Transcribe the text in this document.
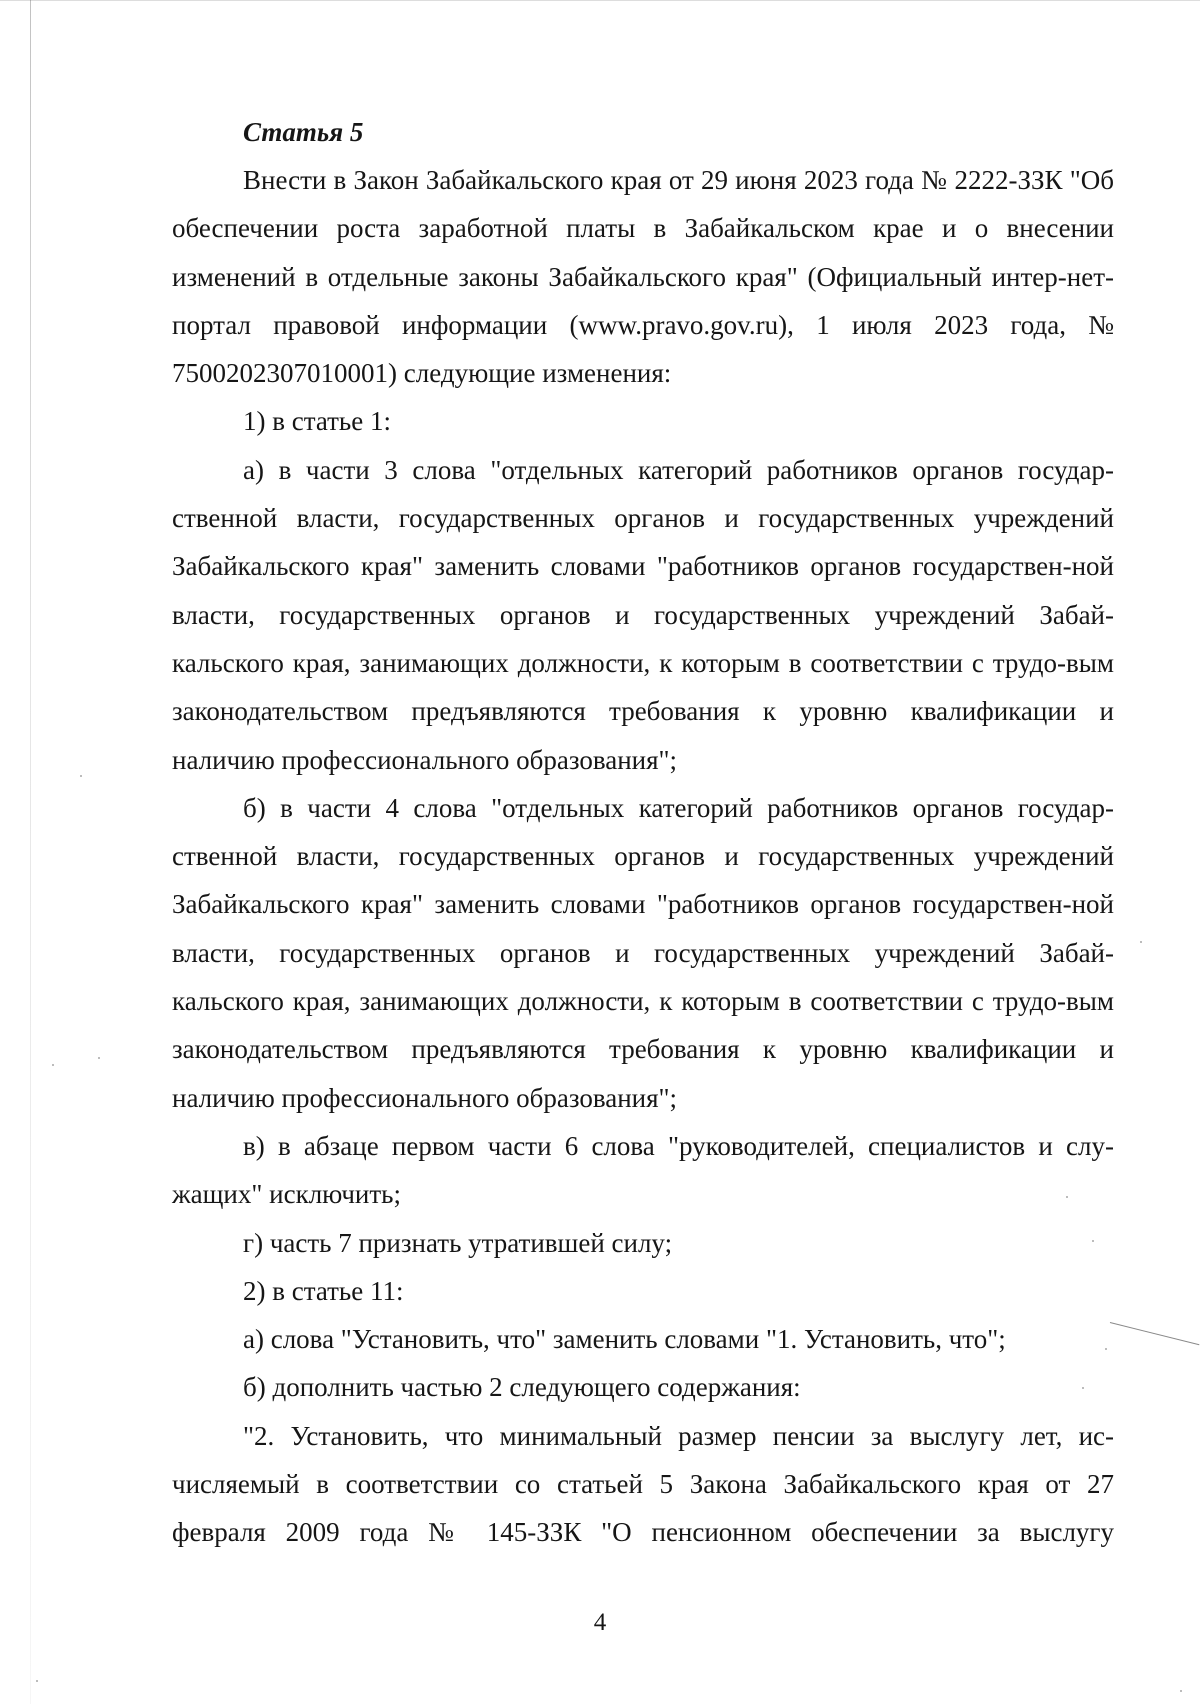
Статья 5

Внести в Закон Забайкальского края от 29 июня 2023 года № 2222-ЗЗК "Об обеспечении роста заработной платы в Забайкальском крае и о внесении изменений в отдельные законы Забайкальского края" (Официальный интер-нет-портал правовой информации (www.pravo.gov.ru), 1 июля 2023 года, № 7500202307010001) следующие изменения:

1) в статье 1:

а) в части 3 слова "отдельных категорий работников органов государ-ственной власти, государственных органов и государственных учреждений Забайкальского края" заменить словами "работников органов государствен-ной власти, государственных органов и государственных учреждений Забай-кальского края, занимающих должности, к которым в соответствии с трудо-вым законодательством предъявляются требования к уровню квалификации и наличию профессионального образования";

б) в части 4 слова "отдельных категорий работников органов государ-ственной власти, государственных органов и государственных учреждений Забайкальского края" заменить словами "работников органов государствен-ной власти, государственных органов и государственных учреждений Забай-кальского края, занимающих должности, к которым в соответствии с трудо-вым законодательством предъявляются требования к уровню квалификации и наличию профессионального образования";

в) в абзаце первом части 6 слова "руководителей, специалистов и слу-жащих" исключить;

г) часть 7 признать утратившей силу;

2) в статье 11:

а) слова "Установить, что" заменить словами "1. Установить, что";

б) дополнить частью 2 следующего содержания:

"2. Установить, что минимальный размер пенсии за выслугу лет, ис-числяемый в соответствии со статьей 5 Закона Забайкальского края от 27 февраля 2009 года № 145-ЗЗК "О пенсионном обеспечении за выслугу

4
